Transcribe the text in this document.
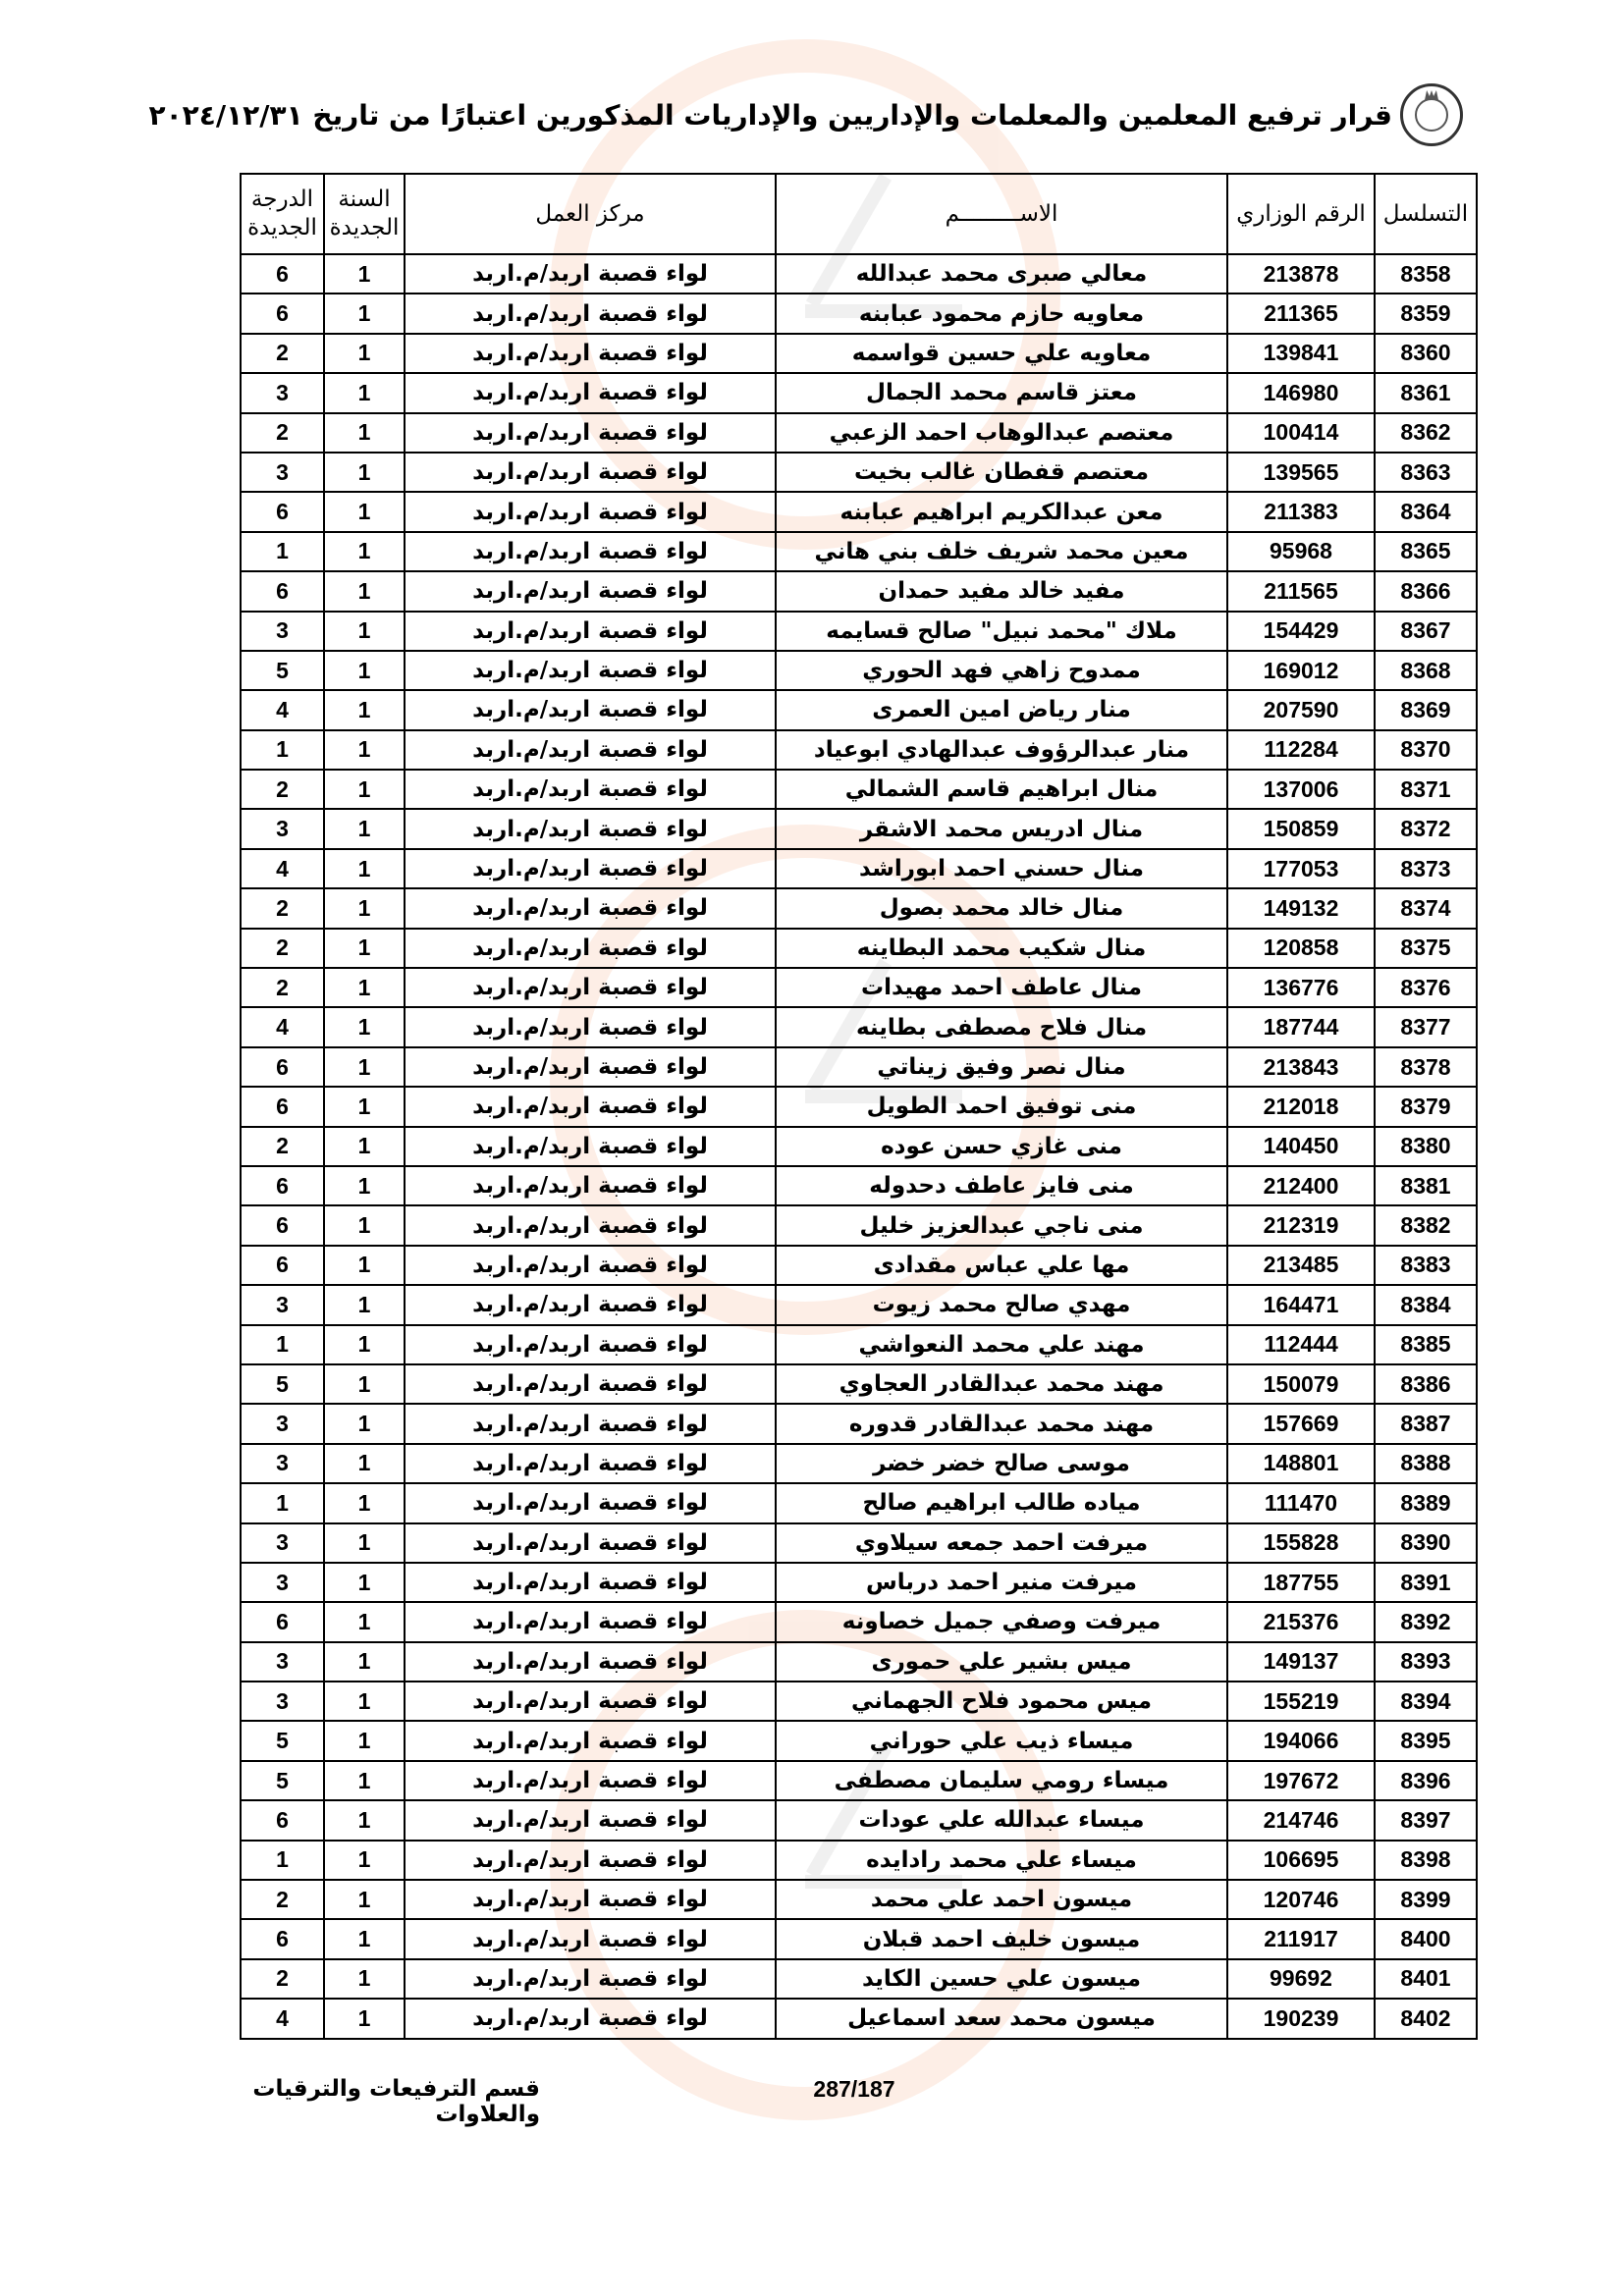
قرار ترفيع المعلمين والمعلمات والإداريين والإداريات المذكورين اعتبارًا من تاريخ ٢٠٢٤/١٢/٣١
التسلسل	الرقم الوزاري	الاســـــــــم	مركز العمل	السنة الجديدة	الدرجة الجديدة
8358	213878	معالي صبرى محمد عبدالله	لواء قصبة اربد/م.اربد	1	6
8359	211365	معاويه حازم محمود عبابنه	لواء قصبة اربد/م.اربد	1	6
8360	139841	معاويه علي حسين قواسمه	لواء قصبة اربد/م.اربد	1	2
8361	146980	معتز قاسم محمد الجمال	لواء قصبة اربد/م.اربد	1	3
8362	100414	معتصم عبدالوهاب احمد الزعبي	لواء قصبة اربد/م.اربد	1	2
8363	139565	معتصم قفطان غالب بخيت	لواء قصبة اربد/م.اربد	1	3
8364	211383	معن عبدالكريم ابراهيم عبابنه	لواء قصبة اربد/م.اربد	1	6
8365	95968	معين محمد شريف خلف بني هاني	لواء قصبة اربد/م.اربد	1	1
8366	211565	مفيد خالد مفيد حمدان	لواء قصبة اربد/م.اربد	1	6
8367	154429	ملاك "محمد نبيل" صالح قسايمه	لواء قصبة اربد/م.اربد	1	3
8368	169012	ممدوح زاهي فهد الحوري	لواء قصبة اربد/م.اربد	1	5
8369	207590	منار رياض امين العمرى	لواء قصبة اربد/م.اربد	1	4
8370	112284	منار عبدالرؤوف عبدالهادي ابوعياد	لواء قصبة اربد/م.اربد	1	1
8371	137006	منال ابراهيم قاسم الشمالي	لواء قصبة اربد/م.اربد	1	2
8372	150859	منال ادريس محمد الاشقر	لواء قصبة اربد/م.اربد	1	3
8373	177053	منال حسني احمد ابوراشد	لواء قصبة اربد/م.اربد	1	4
8374	149132	منال خالد محمد بصول	لواء قصبة اربد/م.اربد	1	2
8375	120858	منال شكيب محمد البطاينه	لواء قصبة اربد/م.اربد	1	2
8376	136776	منال عاطف احمد مهيدات	لواء قصبة اربد/م.اربد	1	2
8377	187744	منال فلاح مصطفى بطاينه	لواء قصبة اربد/م.اربد	1	4
8378	213843	منال نصر وفيق زيناتي	لواء قصبة اربد/م.اربد	1	6
8379	212018	منى توفيق احمد الطويل	لواء قصبة اربد/م.اربد	1	6
8380	140450	منى غازي حسن عوده	لواء قصبة اربد/م.اربد	1	2
8381	212400	منى فايز عاطف دحدوله	لواء قصبة اربد/م.اربد	1	6
8382	212319	منى ناجي عبدالعزيز خليل	لواء قصبة اربد/م.اربد	1	6
8383	213485	مها علي عباس مقدادى	لواء قصبة اربد/م.اربد	1	6
8384	164471	مهدي صالح محمد زيوت	لواء قصبة اربد/م.اربد	1	3
8385	112444	مهند علي محمد النعواشي	لواء قصبة اربد/م.اربد	1	1
8386	150079	مهند محمد عبدالقادر العجاوي	لواء قصبة اربد/م.اربد	1	5
8387	157669	مهند محمد عبدالقادر قدوره	لواء قصبة اربد/م.اربد	1	3
8388	148801	موسى صالح خضر خضر	لواء قصبة اربد/م.اربد	1	3
8389	111470	مياده طالب ابراهيم صالح	لواء قصبة اربد/م.اربد	1	1
8390	155828	ميرفت احمد جمعه سيلاوي	لواء قصبة اربد/م.اربد	1	3
8391	187755	ميرفت منير احمد درباس	لواء قصبة اربد/م.اربد	1	3
8392	215376	ميرفت وصفي جميل خصاونه	لواء قصبة اربد/م.اربد	1	6
8393	149137	ميس بشير علي حمورى	لواء قصبة اربد/م.اربد	1	3
8394	155219	ميس محمود فلاح الجهماني	لواء قصبة اربد/م.اربد	1	3
8395	194066	ميساء ذيب علي حوراني	لواء قصبة اربد/م.اربد	1	5
8396	197672	ميساء رومي سليمان مصطفى	لواء قصبة اربد/م.اربد	1	5
8397	214746	ميساء عبدالله علي عودات	لواء قصبة اربد/م.اربد	1	6
8398	106695	ميساء علي محمد رادايده	لواء قصبة اربد/م.اربد	1	1
8399	120746	ميسون احمد علي محمد	لواء قصبة اربد/م.اربد	1	2
8400	211917	ميسون خليف احمد قبلان	لواء قصبة اربد/م.اربد	1	6
8401	99692	ميسون علي حسين الكايد	لواء قصبة اربد/م.اربد	1	2
8402	190239	ميسون محمد سعد اسماعيل	لواء قصبة اربد/م.اربد	1	4
287/187
قسم الترفيعات والترقيات والعلاوات
